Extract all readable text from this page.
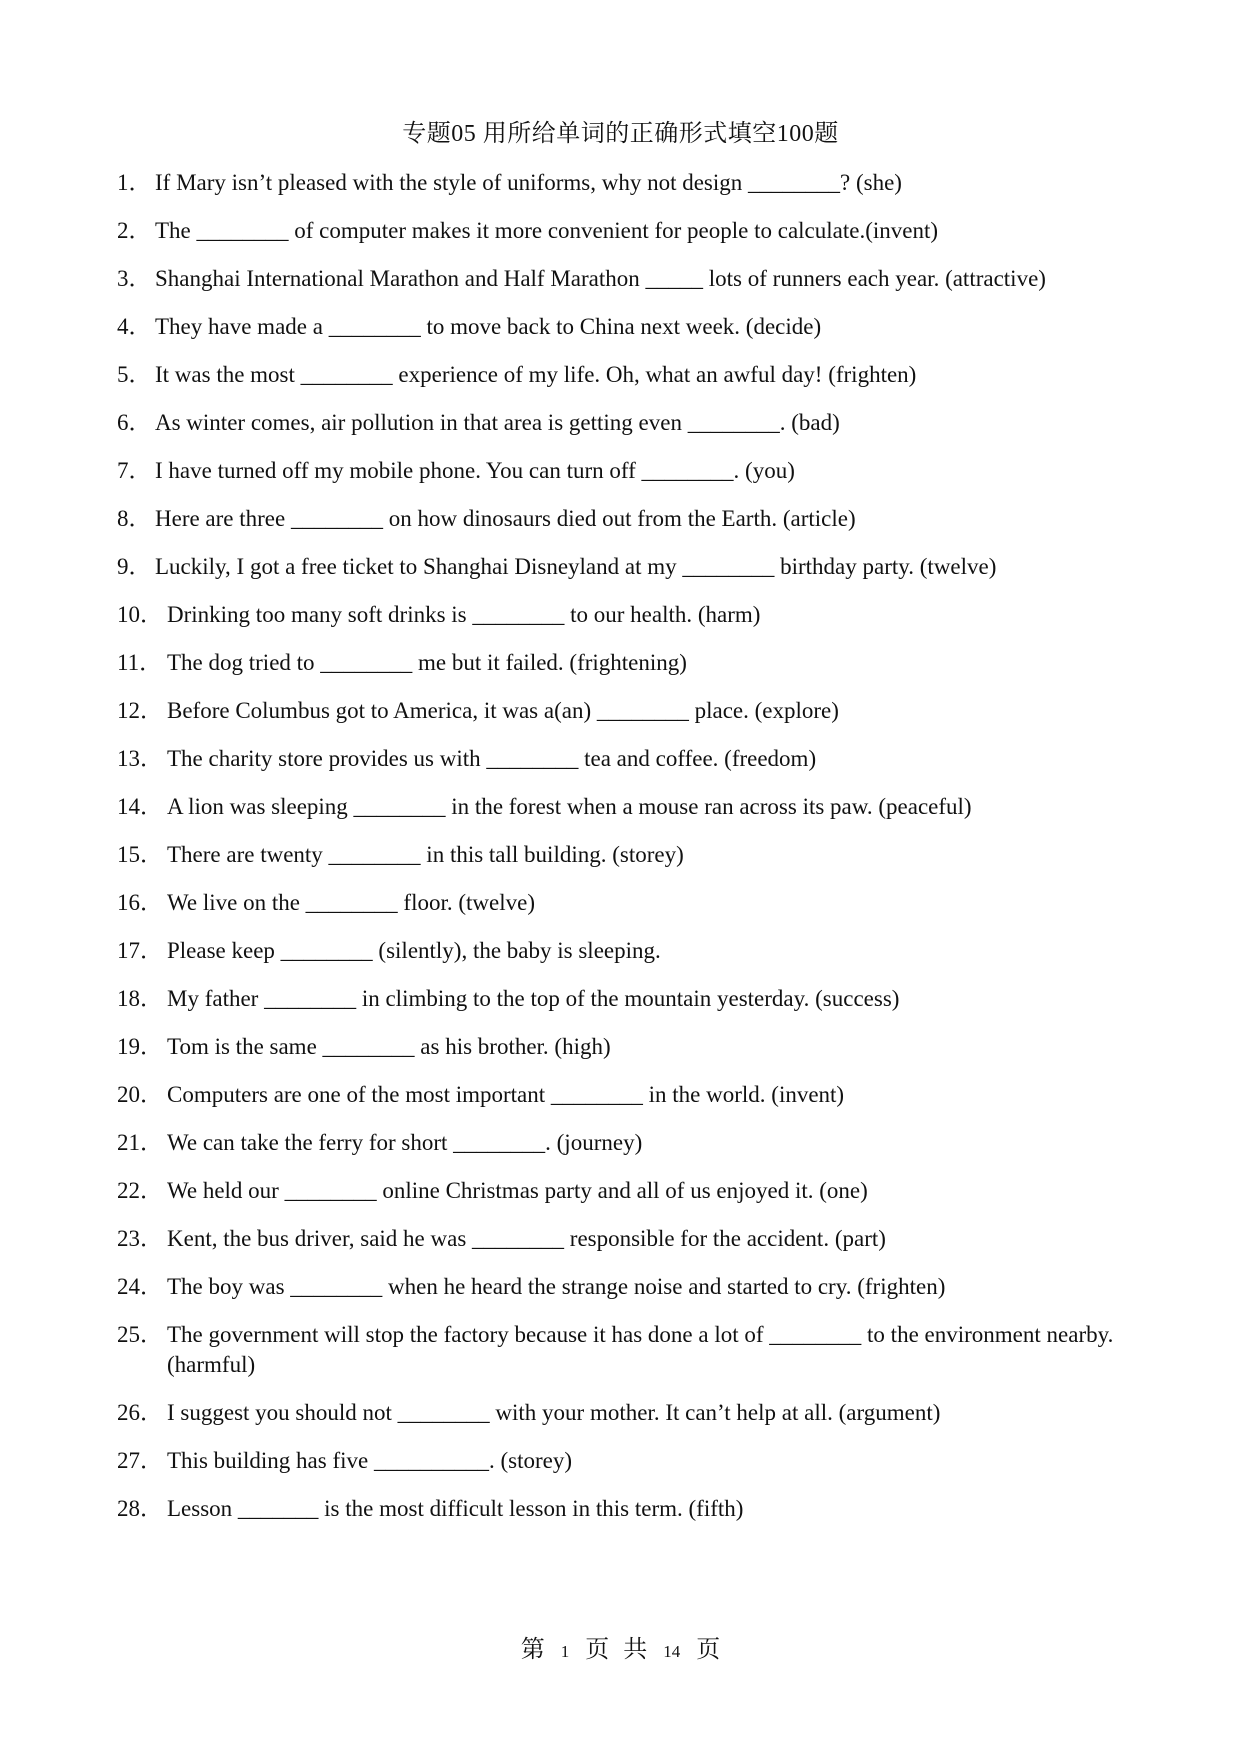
专题05 用所给单词的正确形式填空100题
1． If Mary isn’t pleased with the style of uniforms, why not design ________? (she)
2． The ________ of computer makes it more convenient for people to calculate.(invent)
3． Shanghai International Marathon and Half Marathon _____ lots of runners each year. (attractive)
4． They have made a ________ to move back to China next week. (decide)
5． It was the most ________ experience of my life. Oh, what an awful day! (frighten)
6． As winter comes, air pollution in that area is getting even ________. (bad)
7． I have turned off my mobile phone. You can turn off ________. (you)
8． Here are three ________ on how dinosaurs died out from the Earth. (article)
9． Luckily, I got a free ticket to Shanghai Disneyland at my ________ birthday party. (twelve)
10． Drinking too many soft drinks is ________ to our health. (harm)
11． The dog tried to ________ me but it failed. (frightening)
12． Before Columbus got to America, it was a(an) ________ place. (explore)
13． The charity store provides us with ________ tea and coffee. (freedom)
14． A lion was sleeping ________ in the forest when a mouse ran across its paw. (peaceful)
15． There are twenty ________ in this tall building. (storey)
16． We live on the ________ floor. (twelve)
17． Please keep ________ (silently), the baby is sleeping.
18． My father ________ in climbing to the top of the mountain yesterday. (success)
19． Tom is the same ________ as his brother. (high)
20． Computers are one of the most important ________ in the world. (invent)
21． We can take the ferry for short ________. (journey)
22． We held our ________ online Christmas party and all of us enjoyed it. (one)
23． Kent, the bus driver, said he was ________ responsible for the accident. (part)
24． The boy was ________ when he heard the strange noise and started to cry. (frighten)
25． The government will stop the factory because it has done a lot of ________ to the environment nearby. (harmful)
26． I suggest you should not ________ with your mother. It can’t help at all. (argument)
27． This building has five __________. (storey)
28． Lesson _______ is the most difficult lesson in this term. (fifth)
第 1 页 共 14 页
